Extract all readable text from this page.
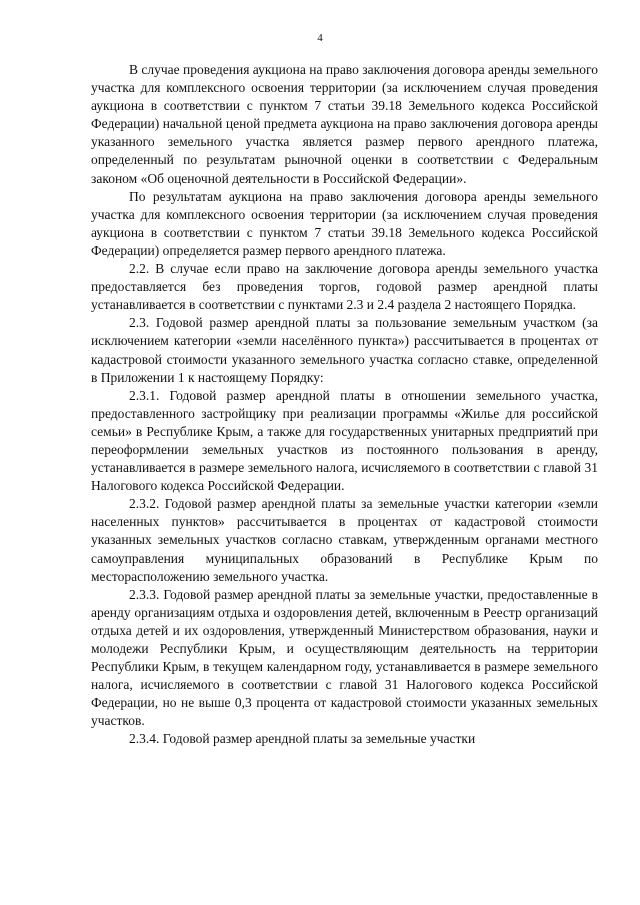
4

В случае проведения аукциона на право заключения договора аренды земельного участка для комплексного освоения территории (за исключением случая проведения аукциона в соответствии с пунктом 7 статьи 39.18 Земельного кодекса Российской Федерации) начальной ценой предмета аукциона на право заключения договора аренды указанного земельного участка является размер первого арендного платежа, определенный по результатам рыночной оценки в соответствии с Федеральным законом «Об оценочной деятельности в Российской Федерации».

По результатам аукциона на право заключения договора аренды земельного участка для комплексного освоения территории (за исключением случая проведения аукциона в соответствии с пунктом 7 статьи 39.18 Земельного кодекса Российской Федерации) определяется размер первого арендного платежа.

2.2. В случае если право на заключение договора аренды земельного участка предоставляется без проведения торгов, годовой размер арендной платы устанавливается в соответствии с пунктами 2.3 и 2.4 раздела 2 настоящего Порядка.

2.3. Годовой размер арендной платы за пользование земельным участком (за исключением категории «земли населённого пункта») рассчитывается в процентах от кадастровой стоимости указанного земельного участка согласно ставке, определенной в Приложении 1 к настоящему Порядку:

2.3.1. Годовой размер арендной платы в отношении земельного участка, предоставленного застройщику при реализации программы «Жилье для российской семьи» в Республике Крым, а также для государственных унитарных предприятий при переоформлении земельных участков из постоянного пользования в аренду, устанавливается в размере земельного налога, исчисляемого в соответствии с главой 31 Налогового кодекса Российской Федерации.

2.3.2. Годовой размер арендной платы за земельные участки категории «земли населенных пунктов» рассчитывается в процентах от кадастровой стоимости указанных земельных участков согласно ставкам, утвержденным органами местного самоуправления муниципальных образований в Республике Крым по месторасположению земельного участка.

2.3.3. Годовой размер арендной платы за земельные участки, предоставленные в аренду организациям отдыха и оздоровления детей, включенным в Реестр организаций отдыха детей и их оздоровления, утвержденный Министерством образования, науки и молодежи Республики Крым, и осуществляющим деятельность на территории Республики Крым, в текущем календарном году, устанавливается в размере земельного налога, исчисляемого в соответствии с главой 31 Налогового кодекса Российской Федерации, но не выше 0,3 процента от кадастровой стоимости указанных земельных участков.

2.3.4. Годовой размер арендной платы за земельные участки
